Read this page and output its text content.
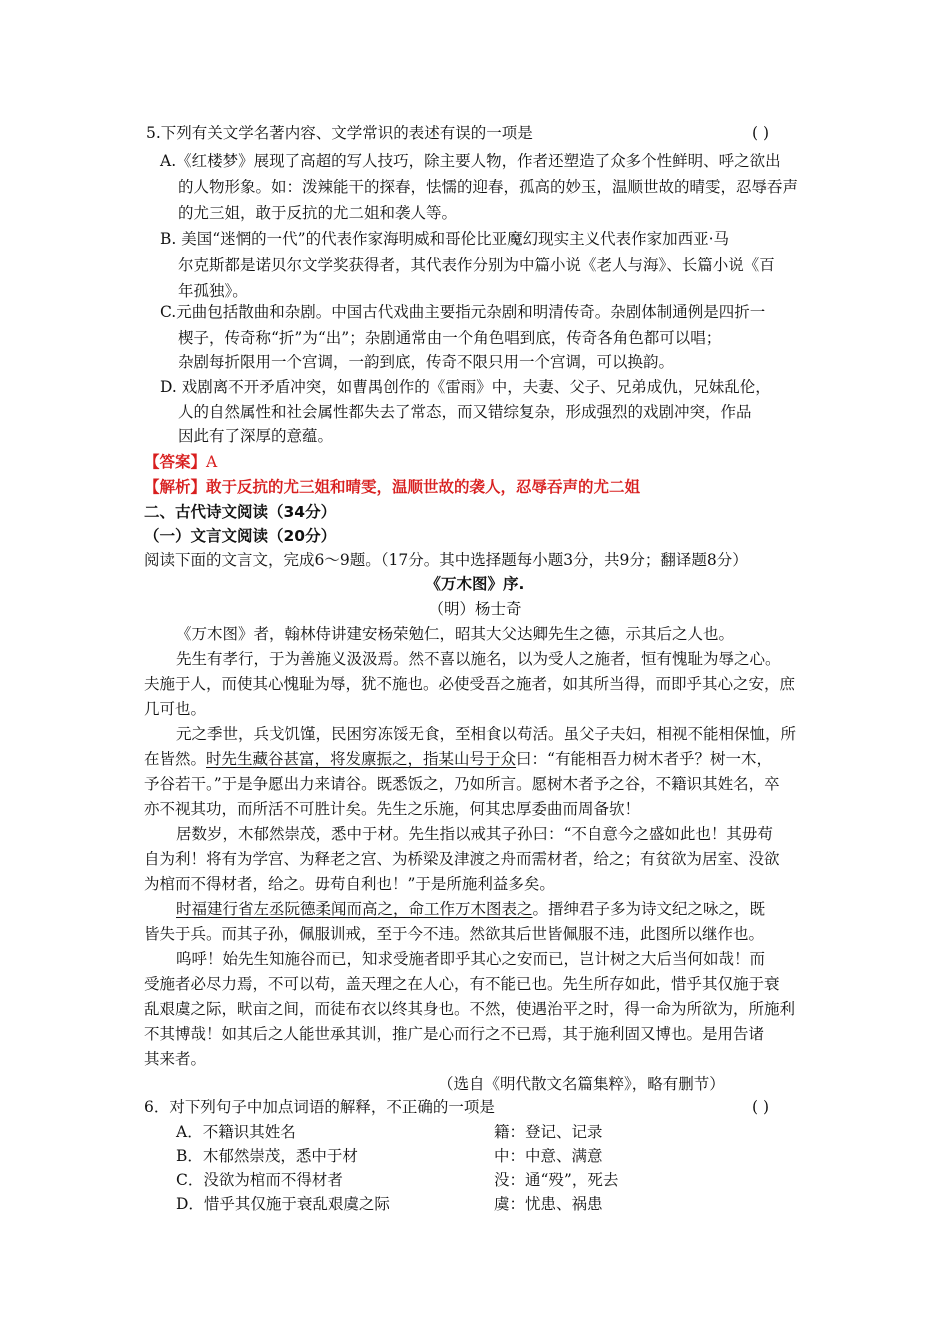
5.下列有关文学名著内容、文学常识的表述有误的一项是	( )
A.《红楼梦》展现了高超的写人技巧，除主要人物，作者还塑造了众多个性鲜明、呼之欲出
的人物形象。如：泼辣能干的探春，怯懦的迎春，孤高的妙玉，温顺世故的晴雯，忍辱吞声
的尤三姐，敢于反抗的尤二姐和袭人等。
B. 美国“迷惘的一代”的代表作家海明威和哥伦比亚魔幻现实主义代表作家加西亚·马
尔克斯都是诺贝尔文学奖获得者，其代表作分别为中篇小说《老人与海》、长篇小说《百
年孤独》。
C.元曲包括散曲和杂剧。中国古代戏曲主要指元杂剧和明清传奇。杂剧体制通例是四折一
楔子，传奇称“折”为“出”；杂剧通常由一个角色唱到底，传奇各角色都可以唱；
杂剧每折限用一个宫调，一韵到底，传奇不限只用一个宫调，可以换韵。
D. 戏剧离不开矛盾冲突，如曹禺创作的《雷雨》中，夫妻、父子、兄弟成仇，兄妹乱伦，
人的自然属性和社会属性都失去了常态，而又错综复杂，形成强烈的戏剧冲突，作品
因此有了深厚的意蕴。
【答案】A
【解析】敢于反抗的尤三姐和晴雯，温顺世故的袭人，忍辱吞声的尤二姐
二、古代诗文阅读（34分）
（一）文言文阅读（20分）
阅读下面的文言文，完成6～9题。（17分。其中选择题每小题3分，共9分；翻译题8分）
《万木图》序.
（明）杨士奇
《万木图》者，翰林侍讲建安杨荣勉仁，昭其大父达卿先生之德，示其后之人也。
先生有孝行，于为善施义汲汲焉。然不喜以施名，以为受人之施者，恒有愧耻为辱之心。
夫施于人，而使其心愧耻为辱，犹不施也。必使受吾之施者，如其所当得，而即乎其心之安，庶
几可也。
元之季世，兵戈饥馑，民困穷冻馁无食，至相食以苟活。虽父子夫妇，相视不能相保恤，所
在皆然。时先生藏谷甚富，将发廪振之，指某山号于众曰：“有能相吾力树木者乎？树一木，
予谷若干。”于是争愿出力来请谷。既悉饭之，乃如所言。愿树木者予之谷，不籍识其姓名，卒
亦不视其功，而所活不可胜计矣。先生之乐施，何其忠厚委曲而周备欤！
居数岁，木郁然崇茂，悉中于材。先生指以戒其子孙曰：“不自意今之盛如此也！其毋苟
自为利！将有为学宫、为释老之宫、为桥梁及津渡之舟而需材者，给之；有贫欲为居室、没欲
为棺而不得材者，给之。毋苟自利也！”于是所施利益多矣。
时福建行省左丞阮德柔闻而高之，命工作万木图表之。搢绅君子多为诗文纪之咏之，既
皆失于兵。而其子孙，佩服训戒，至于今不违。然欲其后世皆佩服不违，此图所以继作也。
呜呼！始先生知施谷而已，知求受施者即乎其心之安而已，岂计树之大后当何如哉！而
受施者必尽力焉，不可以苟，盖天理之在人心，有不能已也。先生所存如此，惜乎其仅施于衰
乱艰虞之际，畎亩之间，而徒布衣以终其身也。不然，使遇治平之时，得一命为所欲为，所施利
不其博哉！如其后之人能世承其训，推广是心而行之不已焉，其于施利固又博也。是用告诸
其来者。
（选自《明代散文名篇集粹》，略有删节）
6．对下列句子中加点词语的解释，不正确的一项是	( )
A．不籍识其姓名	籍：登记、记录
B．木郁然崇茂，悉中于材	中：中意、满意
C．没欲为棺而不得材者	没：通“殁”，死去
D．惜乎其仅施于衰乱艰虞之际	虞：忧患、祸患
